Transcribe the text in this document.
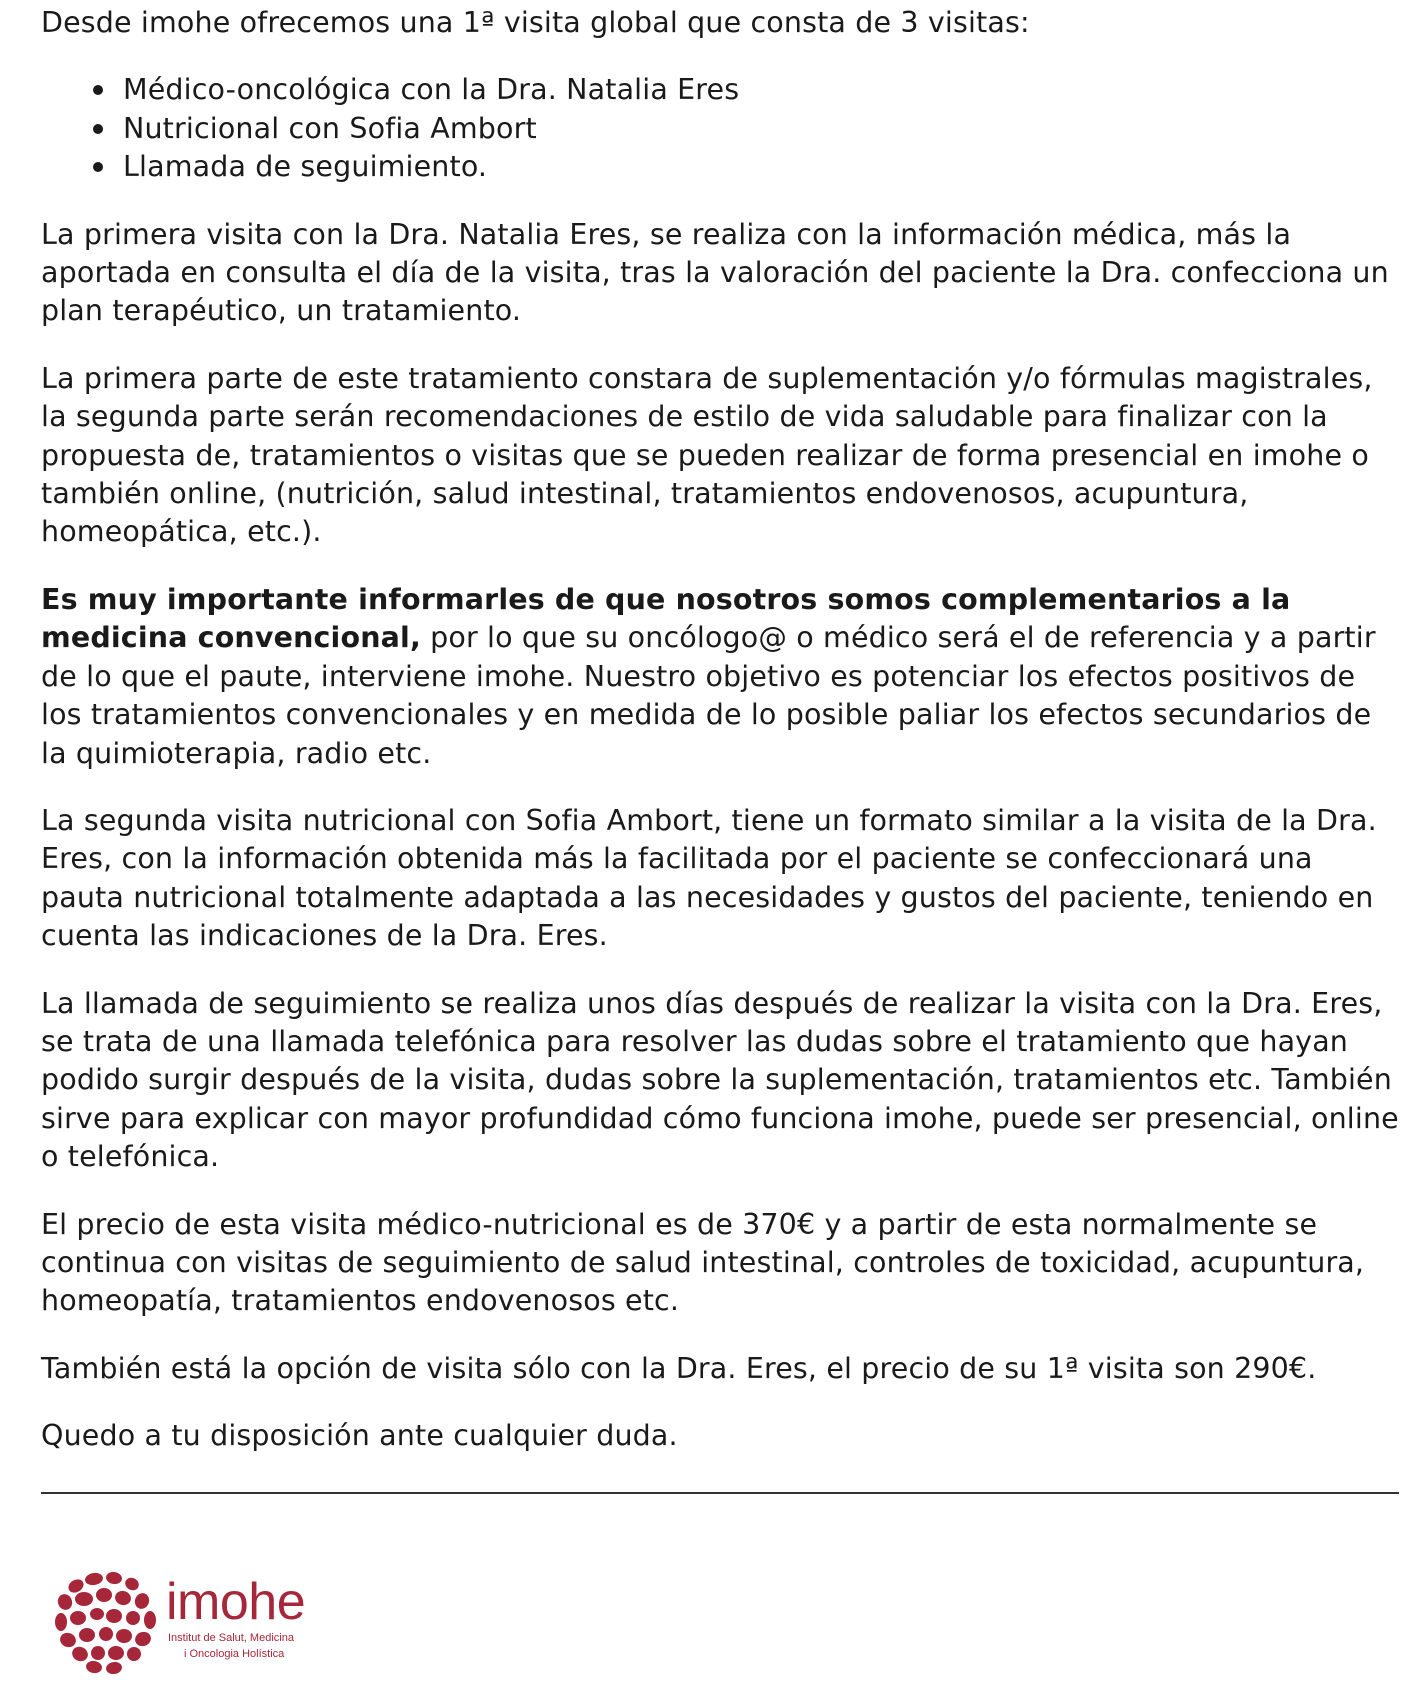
Desde imohe ofrecemos una 1ª visita global que consta de 3 visitas:

Médico-oncológica con la Dra. Natalia Eres
Nutricional con Sofia Ambort
Llamada de seguimiento.

La primera visita con la Dra. Natalia Eres, se realiza con la información médica, más la aportada en consulta el día de la visita, tras la valoración del paciente la Dra. confecciona un plan terapéutico, un tratamiento.

La primera parte de este tratamiento constara de suplementación y/o fórmulas magistrales, la segunda parte serán recomendaciones de estilo de vida saludable para finalizar con la propuesta de, tratamientos o visitas que se pueden realizar de forma presencial en imohe o también online, (nutrición, salud intestinal, tratamientos endovenosos, acupuntura, homeopática, etc.).

Es muy importante informarles de que nosotros somos complementarios a la medicina convencional, por lo que su oncólogo@ o médico será el de referencia y a partir de lo que el paute, interviene imohe. Nuestro objetivo es potenciar los efectos positivos de los tratamientos convencionales y en medida de lo posible paliar los efectos secundarios de la quimioterapia, radio etc.

La segunda visita nutricional con Sofia Ambort, tiene un formato similar a la visita de la Dra. Eres, con la información obtenida más la facilitada por el paciente se confeccionará una pauta nutricional totalmente adaptada a las necesidades y gustos del paciente, teniendo en cuenta las indicaciones de la Dra. Eres.

La llamada de seguimiento se realiza unos días después de realizar la visita con la Dra. Eres, se trata de una llamada telefónica para resolver las dudas sobre el tratamiento que hayan podido surgir después de la visita, dudas sobre la suplementación, tratamientos etc. También sirve para explicar con mayor profundidad cómo funciona imohe, puede ser presencial, online o telefónica.

El precio de esta visita médico-nutricional es de 370€ y a partir de esta normalmente se continua con visitas de seguimiento de salud intestinal, controles de toxicidad, acupuntura, homeopatía, tratamientos endovenosos etc.

También está la opción de visita sólo con la Dra. Eres, el precio de su 1ª visita son 290€.

Quedo a tu disposición ante cualquier duda.

imohe
Institut de Salut, Medicina
i Oncologia Holística
